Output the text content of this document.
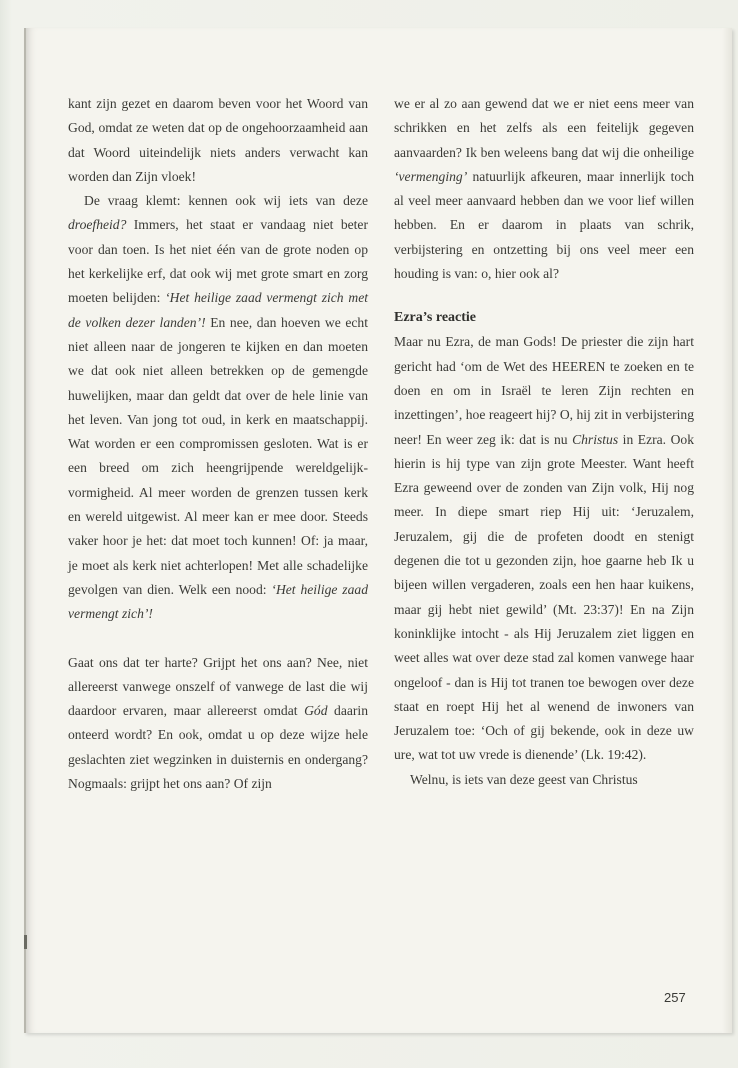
kant zijn gezet en daarom beven voor het Woord van God, omdat ze weten dat op de ongehoorzaamheid aan dat Woord uiteindelijk niets anders verwacht kan worden dan Zijn vloek!

De vraag klemt: kennen ook wij iets van deze droefheid? Immers, het staat er vandaag niet beter voor dan toen. Is het niet één van de grote noden op het kerkelijke erf, dat ook wij met grote smart en zorg moeten belijden: ‘Het heilige zaad vermengt zich met de volken dezer landen’! En nee, dan hoeven we echt niet alleen naar de jongeren te kijken en dan moeten we dat ook niet alleen betrekken op de gemengde huwelijken, maar dan geldt dat over de hele linie van het leven. Van jong tot oud, in kerk en maatschappij. Wat worden er een compromissen gesloten. Wat is er een breed om zich heengrijpende wereldgelijkvormigheid. Al meer worden de grenzen tussen kerk en wereld uitgewist. Al meer kan er mee door. Steeds vaker hoor je het: dat moet toch kunnen! Of: ja maar, je moet als kerk niet achterlopen! Met alle schadelijke gevolgen van dien. Welk een nood: ‘Het heilige zaad vermengt zich’!

Gaat ons dat ter harte? Grijpt het ons aan? Nee, niet allereerst vanwege onszelf of vanwege de last die wij daardoor ervaren, maar allereerst omdat Gód daarin onteerd wordt? En ook, omdat u op deze wijze hele geslachten ziet wegzinken in duisternis en ondergang? Nogmaals: grijpt het ons aan? Of zijn

we er al zo aan gewend dat we er niet eens meer van schrikken en het zelfs als een feitelijk gegeven aanvaarden? Ik ben weleens bang dat wij die onheilige ‘vermenging’ natuurlijk afkeuren, maar innerlijk toch al veel meer aanvaard hebben dan we voor lief willen hebben. En er daarom in plaats van schrik, verbijstering en ontzetting bij ons veel meer een houding is van: o, hier ook al?

Ezra’s reactie

Maar nu Ezra, de man Gods! De priester die zijn hart gericht had ‘om de Wet des HEEREN te zoeken en te doen en om in Israël te leren Zijn rechten en inzettingen’, hoe reageert hij? O, hij zit in verbijstering neer! En weer zeg ik: dat is nu Christus in Ezra. Ook hierin is hij type van zijn grote Meester. Want heeft Ezra geweend over de zonden van Zijn volk, Hij nog meer. In diepe smart riep Hij uit: ‘Jeruzalem, Jeruzalem, gij die de profeten doodt en stenigt degenen die tot u gezonden zijn, hoe gaarne heb Ik u bijeen willen vergaderen, zoals een hen haar kuikens, maar gij hebt niet gewild’ (Mt. 23:37)! En na Zijn koninklijke intocht - als Hij Jeruzalem ziet liggen en weet alles wat over deze stad zal komen vanwege haar ongeloof - dan is Hij tot tranen toe bewogen over deze staat en roept Hij het al wenend de inwoners van Jeruzalem toe: ‘Och of gij bekende, ook in deze uw ure, wat tot uw vrede is dienende’ (Lk. 19:42).

Welnu, is iets van deze geest van Christus

257
